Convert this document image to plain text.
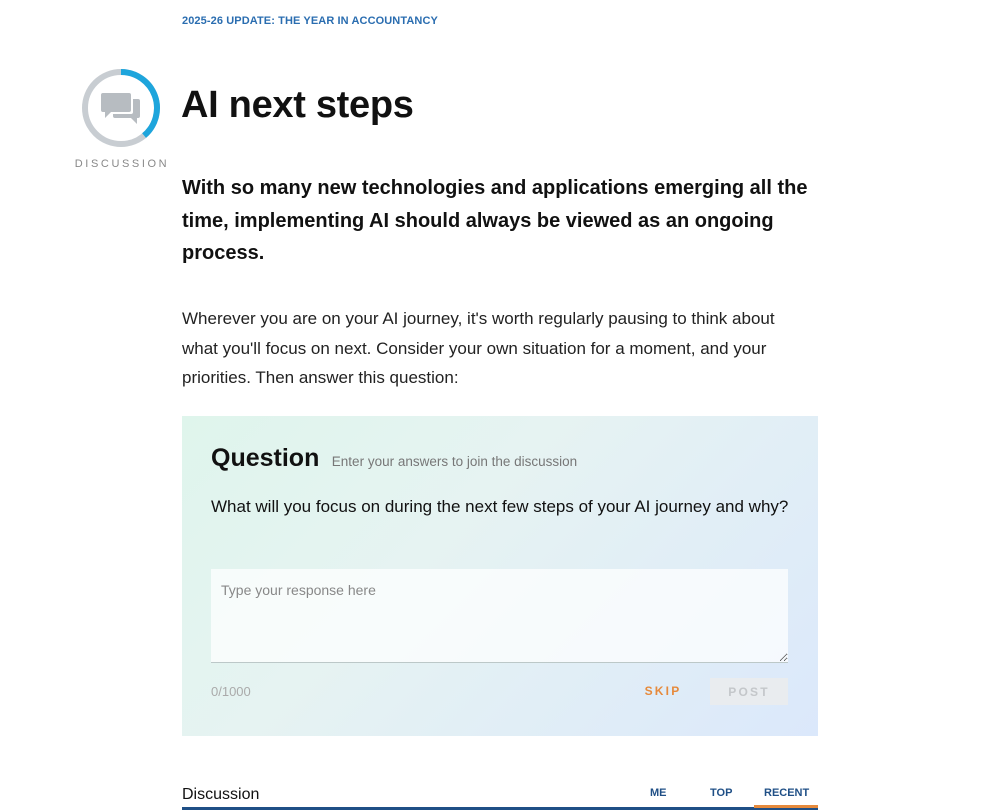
2025-26 UPDATE: THE YEAR IN ACCOUNTANCY
DISCUSSION
AI next steps

With so many new technologies and applications emerging all the time, implementing AI should always be viewed as an ongoing process.

Wherever you are on your AI journey, it's worth regularly pausing to think about what you'll focus on next. Consider your own situation for a moment, and your priorities. Then answer this question:

Question Enter your answers to join the discussion

What will you focus on during the next few steps of your AI journey and why?

Type your response here
0/1000	SKIP	POST
Discussion	ME	TOP	RECENT
